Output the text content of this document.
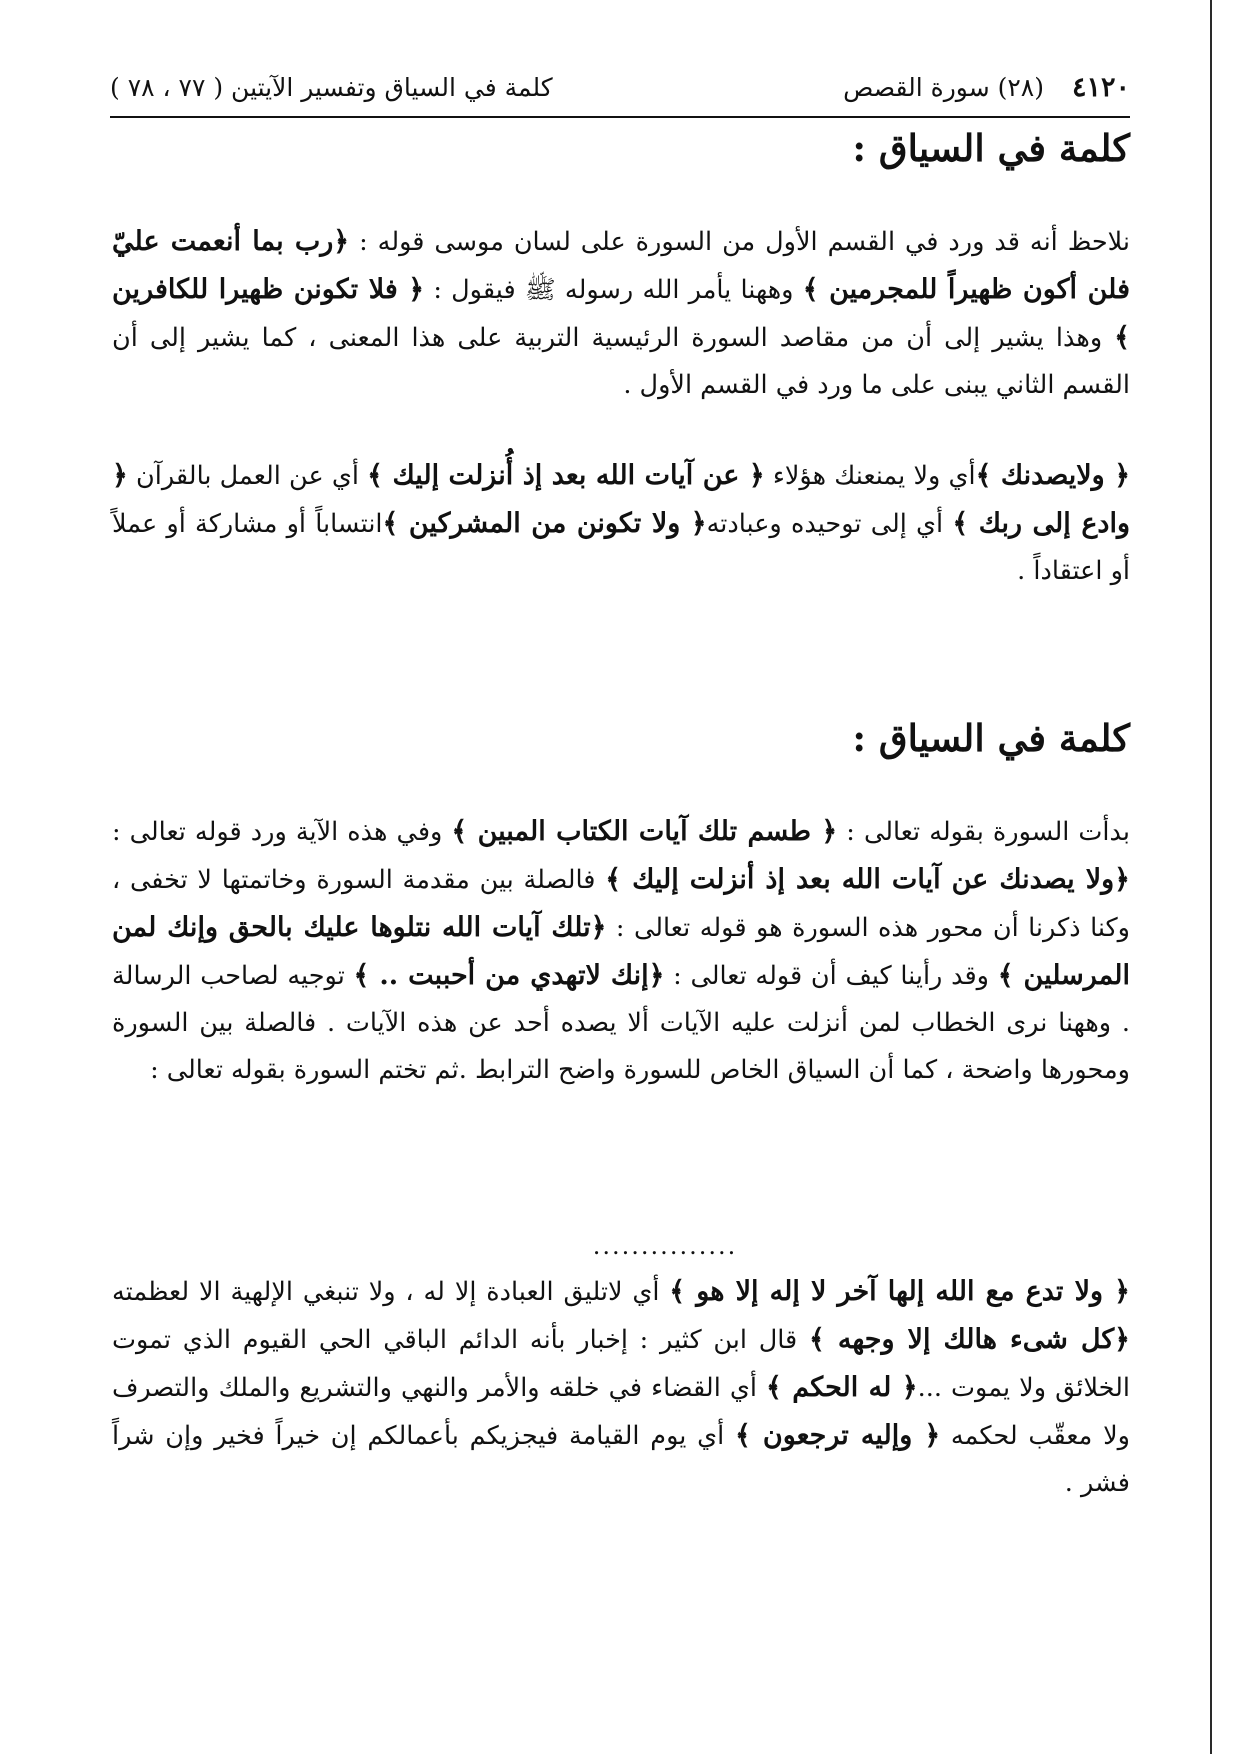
٤١٢٠
(٢٨) سورة القصص
كلمة في السياق وتفسير الآيتين ( ٧٧ ، ٧٨ )
كلمة في السياق :
نلاحظ أنه قد ورد في القسم الأول من السورة على لسان موسى قوله : ﴿رب بما أنعمت عليّ فلن أكون ظهيراً للمجرمين ﴾ وههنا يأمر الله رسوله ﷺ فيقول : ﴿ فلا تكونن ظهيرا للكافرين ﴾ وهذا يشير إلى أن من مقاصد السورة الرئيسية التربية على هذا المعنى ، كما يشير إلى أن القسم الثاني يبنى على ما ورد في القسم الأول .
﴿ ولايصدنك ﴾أي ولا يمنعنك هؤلاء ﴿ عن آيات الله بعد إذ أُنزلت إليك ﴾ أي عن العمل بالقرآن ﴿ وادع إلى ربك ﴾ أي إلى توحيده وعبادته﴿ ولا تكونن من المشركين ﴾انتساباً أو مشاركة أو عملاً أو اعتقاداً .
كلمة في السياق :
بدأت السورة بقوله تعالى : ﴿ طسم تلك آيات الكتاب المبين ﴾ وفي هذه الآية ورد قوله تعالى : ﴿ولا يصدنك عن آيات الله بعد إذ أنزلت إليك ﴾ فالصلة بين مقدمة السورة وخاتمتها لا تخفى ، وكنا ذكرنا أن محور هذه السورة هو قوله تعالى : ﴿تلك آيات الله نتلوها عليك بالحق وإنك لمن المرسلين ﴾ وقد رأينا كيف أن قوله تعالى : ﴿إنك لاتهدي من أحببت .. ﴾ توجيه لصاحب الرسالة . وههنا نرى الخطاب لمن أنزلت عليه الآيات ألا يصده أحد عن هذه الآيات . فالصلة بين السورة ومحورها واضحة ، كما أن السياق الخاص للسورة واضح الترابط .ثم تختم السورة بقوله تعالى :
...............
﴿ ولا تدع مع الله إلها آخر لا إله إلا هو ﴾ أي لاتليق العبادة إلا له ، ولا تنبغي الإلهية الا لعظمته ﴿كل شىء هالك إلا وجهه ﴾ قال ابن كثير : إخبار بأنه الدائم الباقي الحي القيوم الذي تموت الخلائق ولا يموت ...﴿ له الحكم ﴾ أي القضاء في خلقه والأمر والنهي والتشريع والملك والتصرف ولا معقّب لحكمه ﴿ وإليه ترجعون ﴾ أي يوم القيامة فيجزيكم بأعمالكم إن خيراً فخير وإن شراً فشر .
